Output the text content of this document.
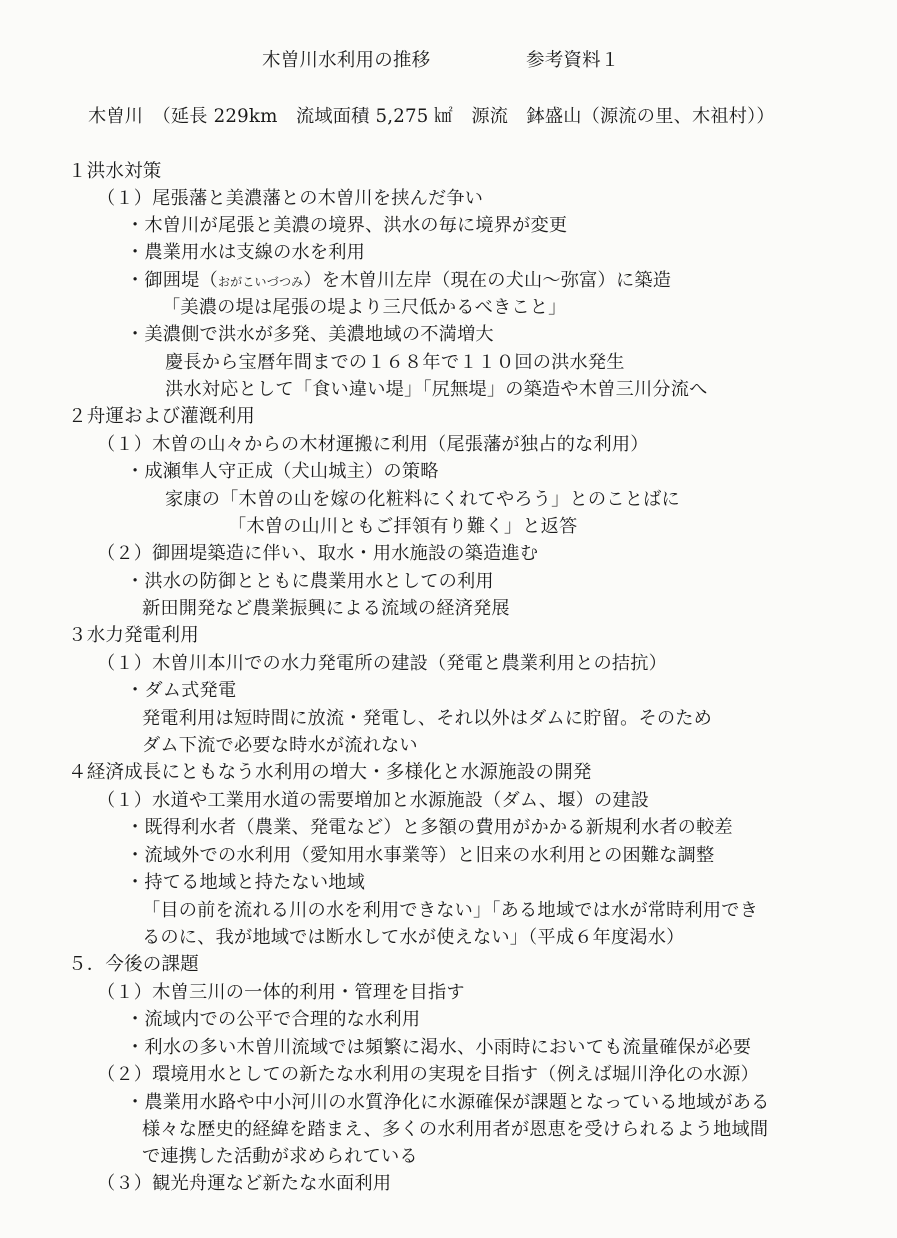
木曽川水利用の推移	参考資料１
木曽川　（延長 229km　流域面積 5,275 ㎢　源流　鉢盛山（源流の里、木祖村））
１洪水対策
（１）尾張藩と美濃藩との木曽川を挟んだ争い
・木曽川が尾張と美濃の境界、洪水の毎に境界が変更
・農業用水は支線の水を利用
・御囲堤（おがこいづつみ）を木曽川左岸（現在の犬山～弥富）に築造
「美濃の堤は尾張の堤より三尺低かるべきこと」
・美濃側で洪水が多発、美濃地域の不満増大
慶長から宝暦年間までの１６８年で１１０回の洪水発生
洪水対応として「食い違い堤」「尻無堤」の築造や木曽三川分流へ
２舟運および灌漑利用
（１）木曽の山々からの木材運搬に利用（尾張藩が独占的な利用）
・成瀬隼人守正成（犬山城主）の策略
家康の「木曽の山を嫁の化粧料にくれてやろう」とのことばに
「木曽の山川ともご拝領有り難く」と返答
（２）御囲堤築造に伴い、取水・用水施設の築造進む
・洪水の防御とともに農業用水としての利用
新田開発など農業振興による流域の経済発展
３水力発電利用
（１）木曽川本川での水力発電所の建設（発電と農業利用との拮抗）
・ダム式発電
発電利用は短時間に放流・発電し、それ以外はダムに貯留。そのため
ダム下流で必要な時水が流れない
４経済成長にともなう水利用の増大・多様化と水源施設の開発
（１）水道や工業用水道の需要増加と水源施設（ダム、堰）の建設
・既得利水者（農業、発電など）と多額の費用がかかる新規利水者の較差
・流域外での水利用（愛知用水事業等）と旧来の水利用との困難な調整
・持てる地域と持たない地域
「目の前を流れる川の水を利用できない」「ある地域では水が常時利用でき
るのに、我が地域では断水して水が使えない」（平成６年度渇水）
５．今後の課題
（１）木曽三川の一体的利用・管理を目指す
・流域内での公平で合理的な水利用
・利水の多い木曽川流域では頻繁に渇水、小雨時においても流量確保が必要
（２）環境用水としての新たな水利用の実現を目指す（例えば堀川浄化の水源）
・農業用水路や中小河川の水質浄化に水源確保が課題となっている地域がある
様々な歴史的経緯を踏まえ、多くの水利用者が恩恵を受けられるよう地域間
で連携した活動が求められている
（３）観光舟運など新たな水面利用
